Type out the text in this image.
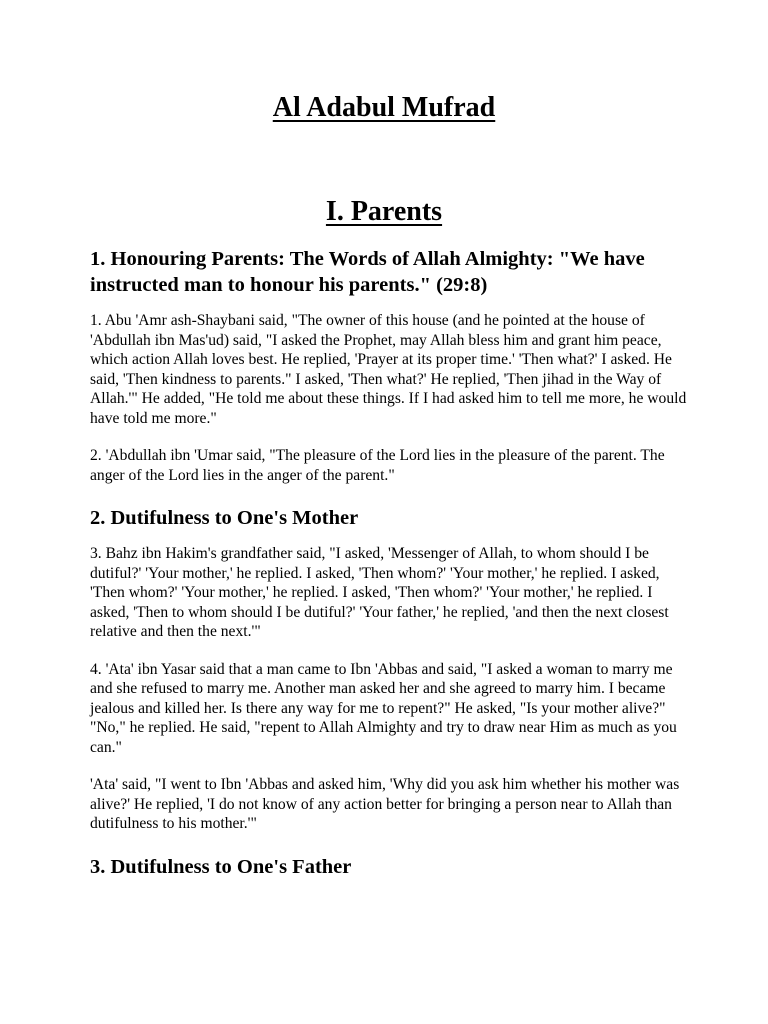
Al Adabul Mufrad
I. Parents
1. Honouring Parents: The Words of Allah Almighty: "We have instructed man to honour his parents." (29:8)

1. Abu 'Amr ash-Shaybani said, "The owner of this house (and he pointed at the house of 'Abdullah ibn Mas'ud) said, "I asked the Prophet, may Allah bless him and grant him peace, which action Allah loves best. He replied, 'Prayer at its proper time.' 'Then what?' I asked. He said, 'Then kindness to parents." I asked, 'Then what?' He replied, 'Then jihad in the Way of Allah.'" He added, "He told me about these things. If I had asked him to tell me more, he would have told me more."

2. 'Abdullah ibn 'Umar said, "The pleasure of the Lord lies in the pleasure of the parent. The anger of the Lord lies in the anger of the parent."

2. Dutifulness to One's Mother

3. Bahz ibn Hakim's grandfather said, "I asked, 'Messenger of Allah, to whom should I be dutiful?' 'Your mother,' he replied. I asked, 'Then whom?' 'Your mother,' he replied. I asked, 'Then whom?' 'Your mother,' he replied. I asked, 'Then whom?' 'Your mother,' he replied. I asked, 'Then to whom should I be dutiful?' 'Your father,' he replied, 'and then the next closest relative and then the next.'"

4. 'Ata' ibn Yasar said that a man came to Ibn 'Abbas and said, "I asked a woman to marry me and she refused to marry me. Another man asked her and she agreed to marry him. I became jealous and killed her. Is there any way for me to repent?" He asked, "Is your mother alive?" "No," he replied. He said, "repent to Allah Almighty and try to draw near Him as much as you can."

'Ata' said, "I went to Ibn 'Abbas and asked him, 'Why did you ask him whether his mother was alive?' He replied, 'I do not know of any action better for bringing a person near to Allah than dutifulness to his mother.'"

3. Dutifulness to One's Father
